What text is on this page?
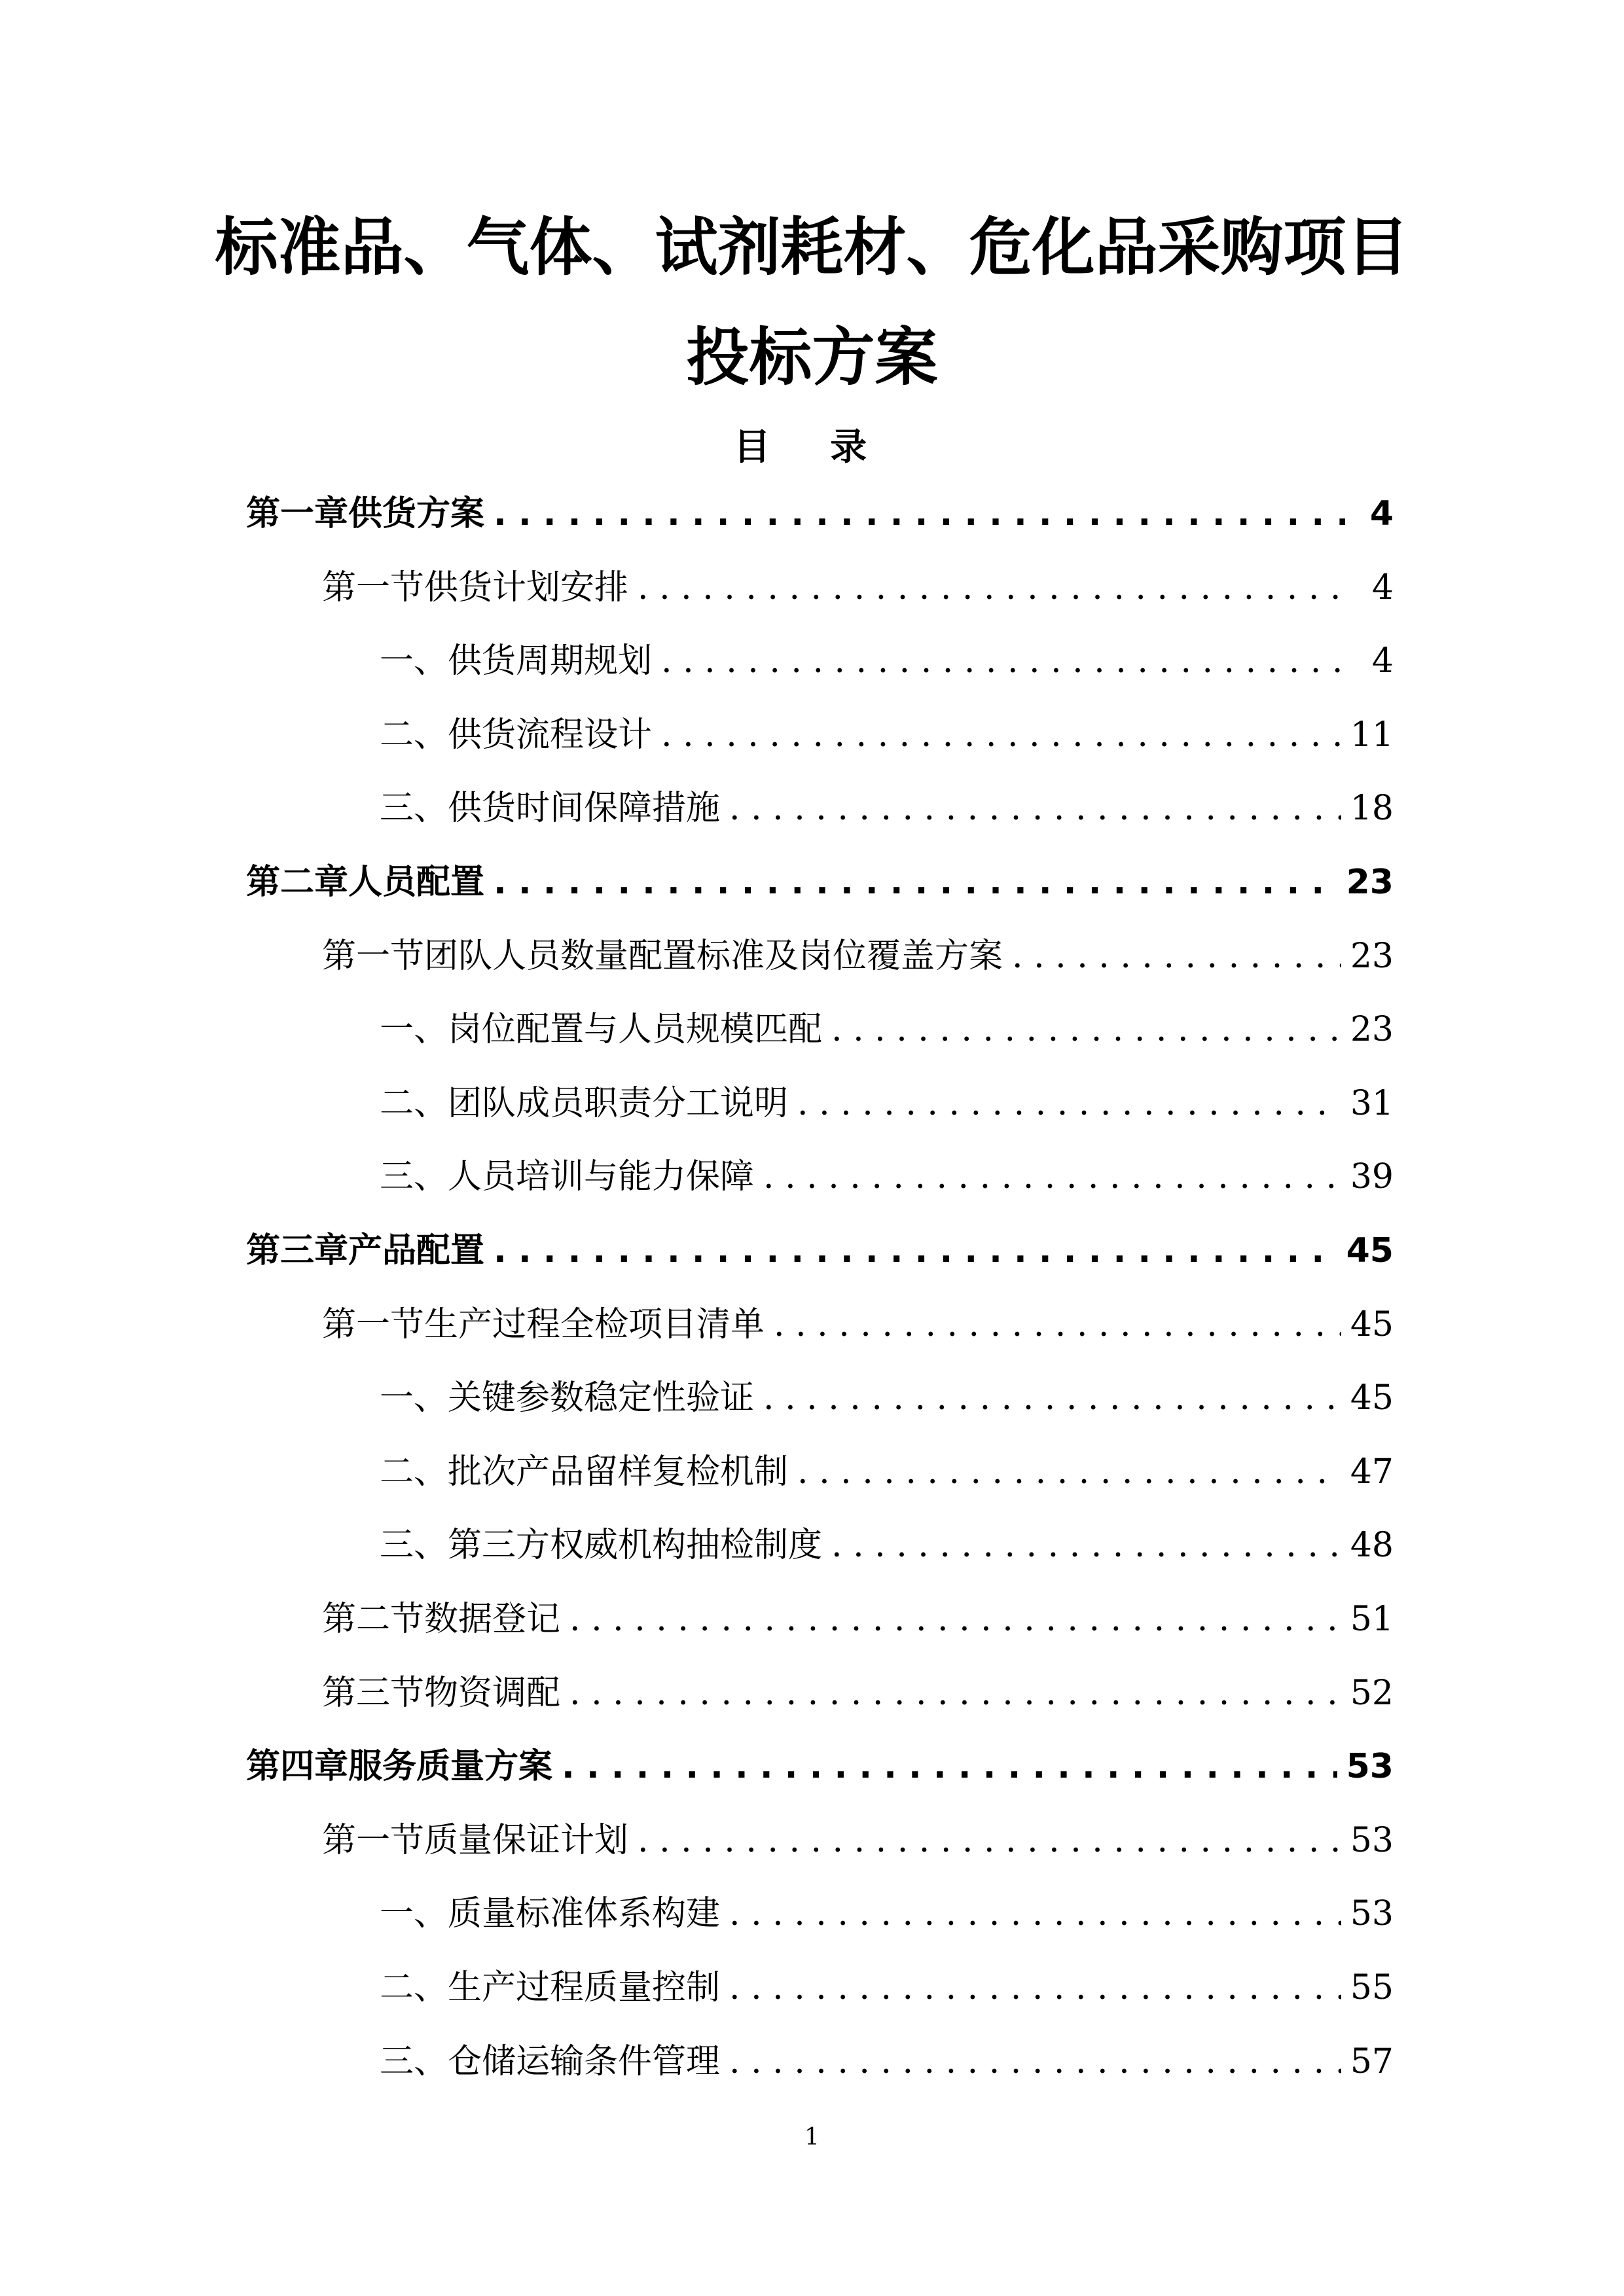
标准品、气体、试剂耗材、危化品采购项目
投标方案
目 录
第一章 供货方案 . . .	4
第一节 供货计划安排 . . .	4
一、 供货周期规划 . . .	4
二、 供货流程设计 . . .	11
三、 供货时间保障措施 . . .	18
第二章 人员配置 . . .	23
第一节 团队人员数量配置标准及岗位覆盖方案 . . .	23
一、 岗位配置与人员规模匹配 . . .	23
二、 团队成员职责分工说明 . . .	31
三、 人员培训与能力保障 . . .	39
第三章 产品配置 . . .	45
第一节 生产过程全检项目清单 . . .	45
一、 关键参数稳定性验证 . . .	45
二、 批次产品留样复检机制 . . .	47
三、 第三方权威机构抽检制度 . . .	48
第二节 数据登记 . . .	51
第三节 物资调配 . . .	52
第四章 服务质量方案 . . .	53
第一节 质量保证计划 . . .	53
一、 质量标准体系构建 . . .	53
二、 生产过程质量控制 . . .	55
三、 仓储运输条件管理 . . .	57
1
